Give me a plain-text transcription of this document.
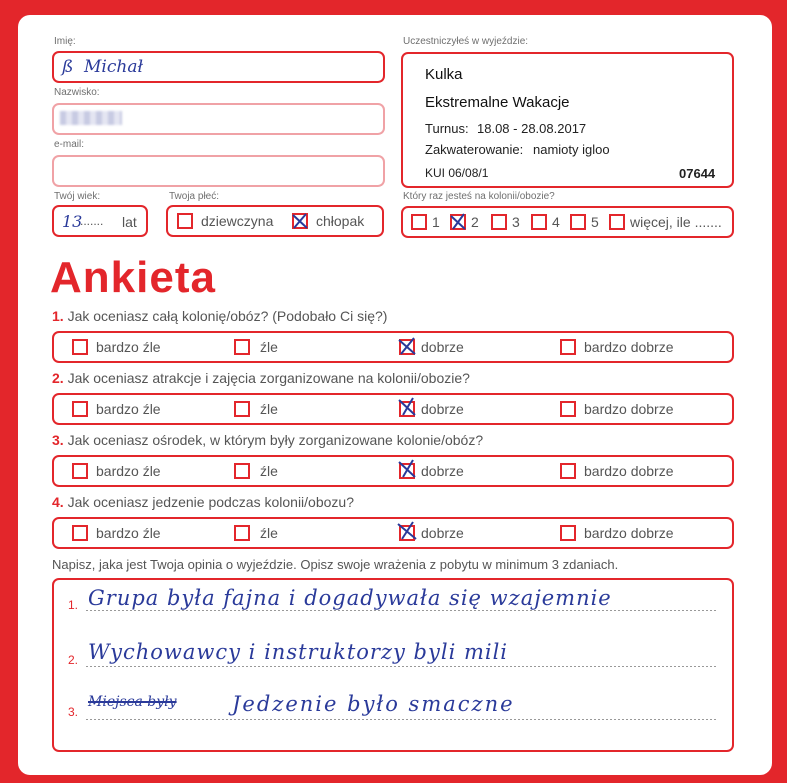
Imię:
ß Michał
Nazwisko:
e-mail:
Twój wiek:
13
....... lat
Twoja płeć:
dziewczyna	chłopak
Uczestniczyłeś w wyjeździe:
Kulka
Ekstremalne Wakacje
Turnus: 18.08 - 28.08.2017
Zakwaterowanie: namioty igloo
KUI 06/08/1	07644
Który raz jesteś na kolonii/obozie?
1 2 3 4 5 więcej, ile .......
Ankieta
1. Jak oceniasz całą kolonię/obóz? (Podobało Ci się?)
bardzo źle	źle	dobrze	bardzo dobrze
2. Jak oceniasz atrakcje i zajęcia zorganizowane na kolonii/obozie?
bardzo źle	źle	dobrze	bardzo dobrze
3. Jak oceniasz ośrodek, w którym były zorganizowane kolonie/obóz?
bardzo źle	źle	dobrze	bardzo dobrze
4. Jak oceniasz jedzenie podczas kolonii/obozu?
bardzo źle	źle	dobrze	bardzo dobrze
Napisz, jaka jest Twoja opinia o wyjeździe. Opisz swoje wrażenia z pobytu w minimum 3 zdaniach.
1. Grupa była fajna i dogadywała się wzajemnie
2. Wychowawcy i instruktorzy byli mili
3.
Miejsca były	Jedzenie było smaczne
